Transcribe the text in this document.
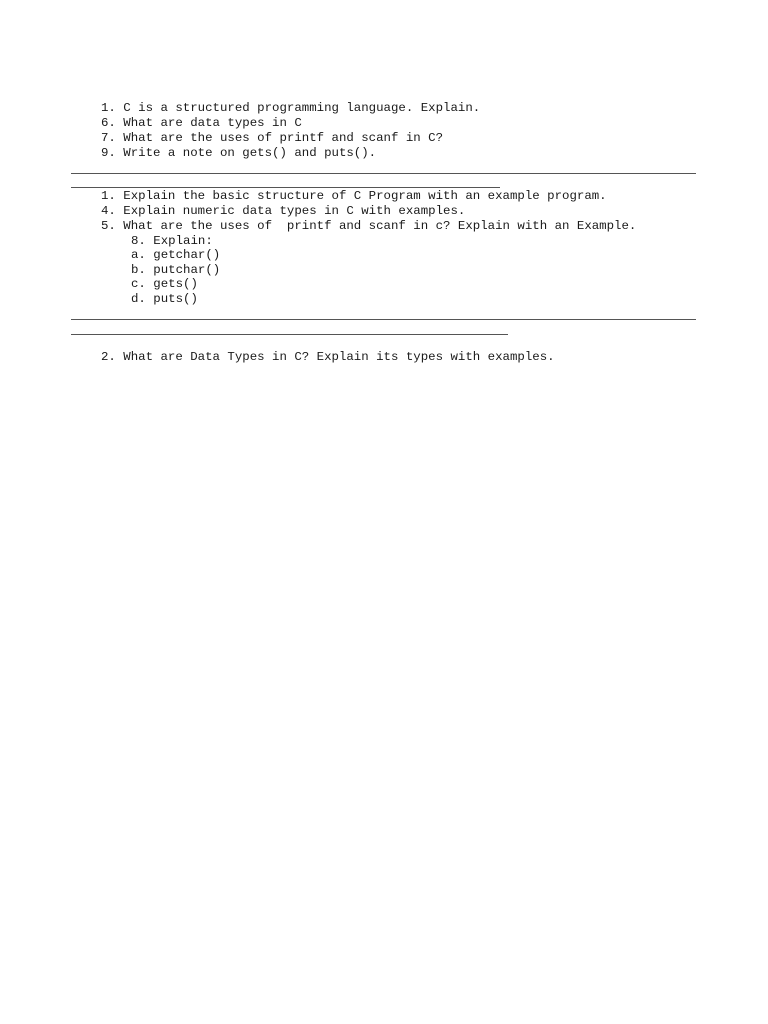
1. C is a structured programming language. Explain.
6. What are data types in C
7. What are the uses of printf and scanf in C?
9. Write a note on gets() and puts().
1. Explain the basic structure of C Program with an example program.
4. Explain numeric data types in C with examples.
5. What are the uses of  printf and scanf in c? Explain with an Example.
8. Explain:
a. getchar()
b. putchar()
c. gets()
d. puts()
2. What are Data Types in C? Explain its types with examples.
